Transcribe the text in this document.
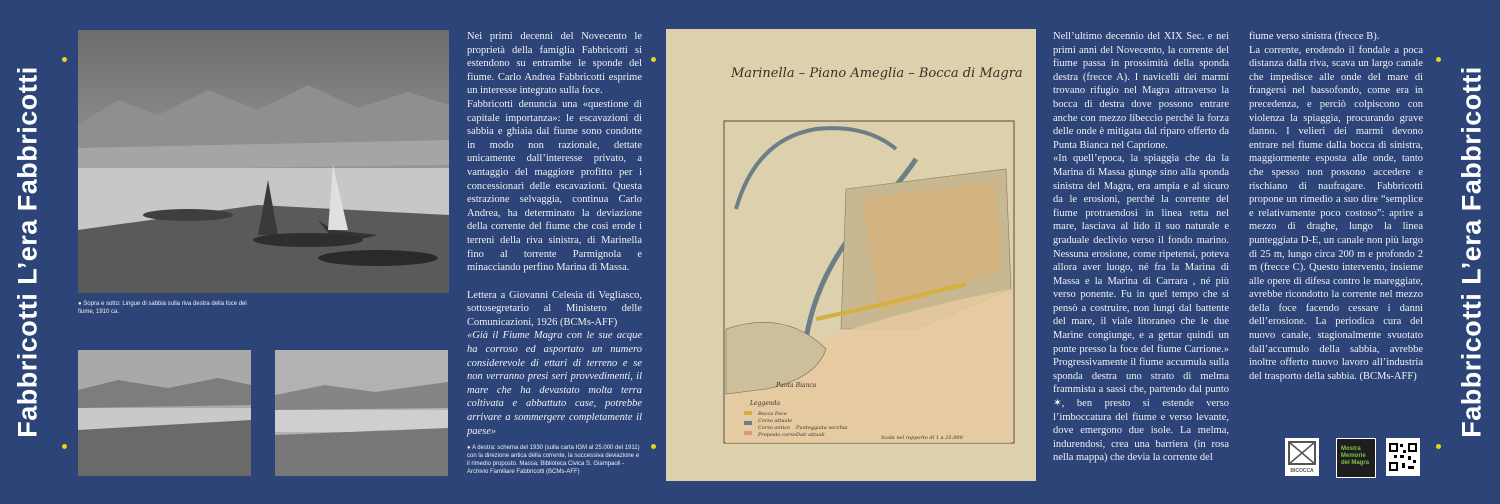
Fabbricotti L’era Fabbricotti	● Sopra e sotto: Lingue di sabbia sulla riva destra della foce del fiume, 1910 ca.

Nei primi decenni del Novecento le proprietà della famiglia Fabbricotti si estendono su entrambe le sponde del fiume. Carlo Andrea Fabbricotti esprime un interesse integrato sulla foce.

Fabbricotti denuncia una «questione di capitale importanza»: le escavazioni di sabbia e ghiaia dal fiume sono condotte in modo non razionale, dettate unicamente dall’interesse privato, a vantaggio del maggiore profitto per i concessionari delle escavazioni. Questa estrazione selvaggia, continua Carlo Andrea, ha determinato la deviazione della corrente del fiume che così erode i terreni della riva sinistra, di Marinella fino al torrente Parmignola e minacciando perfino Marina di Massa.

Lettera a Giovanni Celesia di Vegliasco, sottosegretario al Ministero delle Comunicazioni, 1926 (BCMs-AFF)

«Già il Fiume Magra con le sue acque ha corroso ed asportato un numero considerevole di ettari di terreno e se non verranno presi seri provvedimenti, il mare che ha devastato molta terra coltivata e abbattuto case, potrebbe arrivare a sommergere completamente il paese»

● A destra: schema del 1930 (sulla carta IGM al 25.000 del 1911) con la direzione antica della corrente, la successiva deviazione e il rimedio proposto. Massa, Biblioteca Civica S. Giampaoli - Archivio Familiare Fabbricotti (BCMs-AFF)
Marinella – Piano Ameglia – Bocca di Magra
Punta Bianca
Leggenda
Bocca Foce
Corso attuale
Corso antico
Proposto corso
Punteggiata vecchia
Dati attuali	Scala nel rapporto di 1 a 25.000

Nell’ultimo decennio del XIX Sec. e nei primi anni del Novecento, la corrente del fiume passa in prossimità della sponda destra (frecce A). I navicelli dei marmi trovano rifugio nel Magra attraverso la bocca di destra dove possono entrare anche con mezzo libeccio perché la forza delle onde è mitigata dal riparo offerto da Punta Bianca nel Caprione.

«In quell’epoca, la spiaggia che da la Marina di Massa giunge sino alla sponda sinistra del Magra, era ampia e al sicuro da le erosioni, perché la corrente del fiume protraendosi in linea retta nel mare, lasciava al lido il suo naturale e graduale declivio verso il fondo marino. Nessuna erosione, come ripetensi, poteva allora aver luogo, né fra la Marina di Massa e la Marina di Carrara , né più verso ponente. Fu in quel tempo che si pensò a costruire, non lungi dal battente del mare, il viale litoraneo che le due Marine congiunge, e a gettar quindi un ponte presso la foce del fiume Carrione.» Progressivamente il fiume accumula sulla sponda destra uno strato di melma frammista a sassi che, partendo dal punto ✶, ben presto si estende verso l’imboccatura del fiume e verso levante, dove emergono due isole. La melma, indurendosi, crea una barriera (in rosa nella mappa) che devia la corrente del

fiume verso sinistra (frecce B).

La corrente, erodendo il fondale a poca distanza dalla riva, scava un largo canale che impedisce alle onde del mare di frangersi nel bassofondo, come era in precedenza, e perciò colpiscono con violenza la spiaggia, procurando grave danno. I velieri dei marmi devono entrare nel fiume dalla bocca di sinistra, maggiormente esposta alle onde, tanto che spesso non possono accedere e rischiano di naufragare. Fabbricotti propone un rimedio a suo dire “semplice e relativamente poco costoso”: aprire a mezzo di draghe, lungo la linea punteggiata D-E, un canale non più largo di 25 m, lungo circa 200 m e profondo 2 m (frecce C). Questo intervento, insieme alle opere di difesa contro le mareggiate, avrebbe ricondotto la corrente nel mezzo della foce facendo cessare i danni dell’erosione. La periodica cura del nuovo canale, stagionalmente svuotato dall’accumulo della sabbia, avrebbe inoltre offerto nuovo lavoro all’industria del trasporto della sabbia. (BCMs-AFF)

BICOCCA
Mostra Memorie del Magra
Fabbricotti L’era Fabbricotti
